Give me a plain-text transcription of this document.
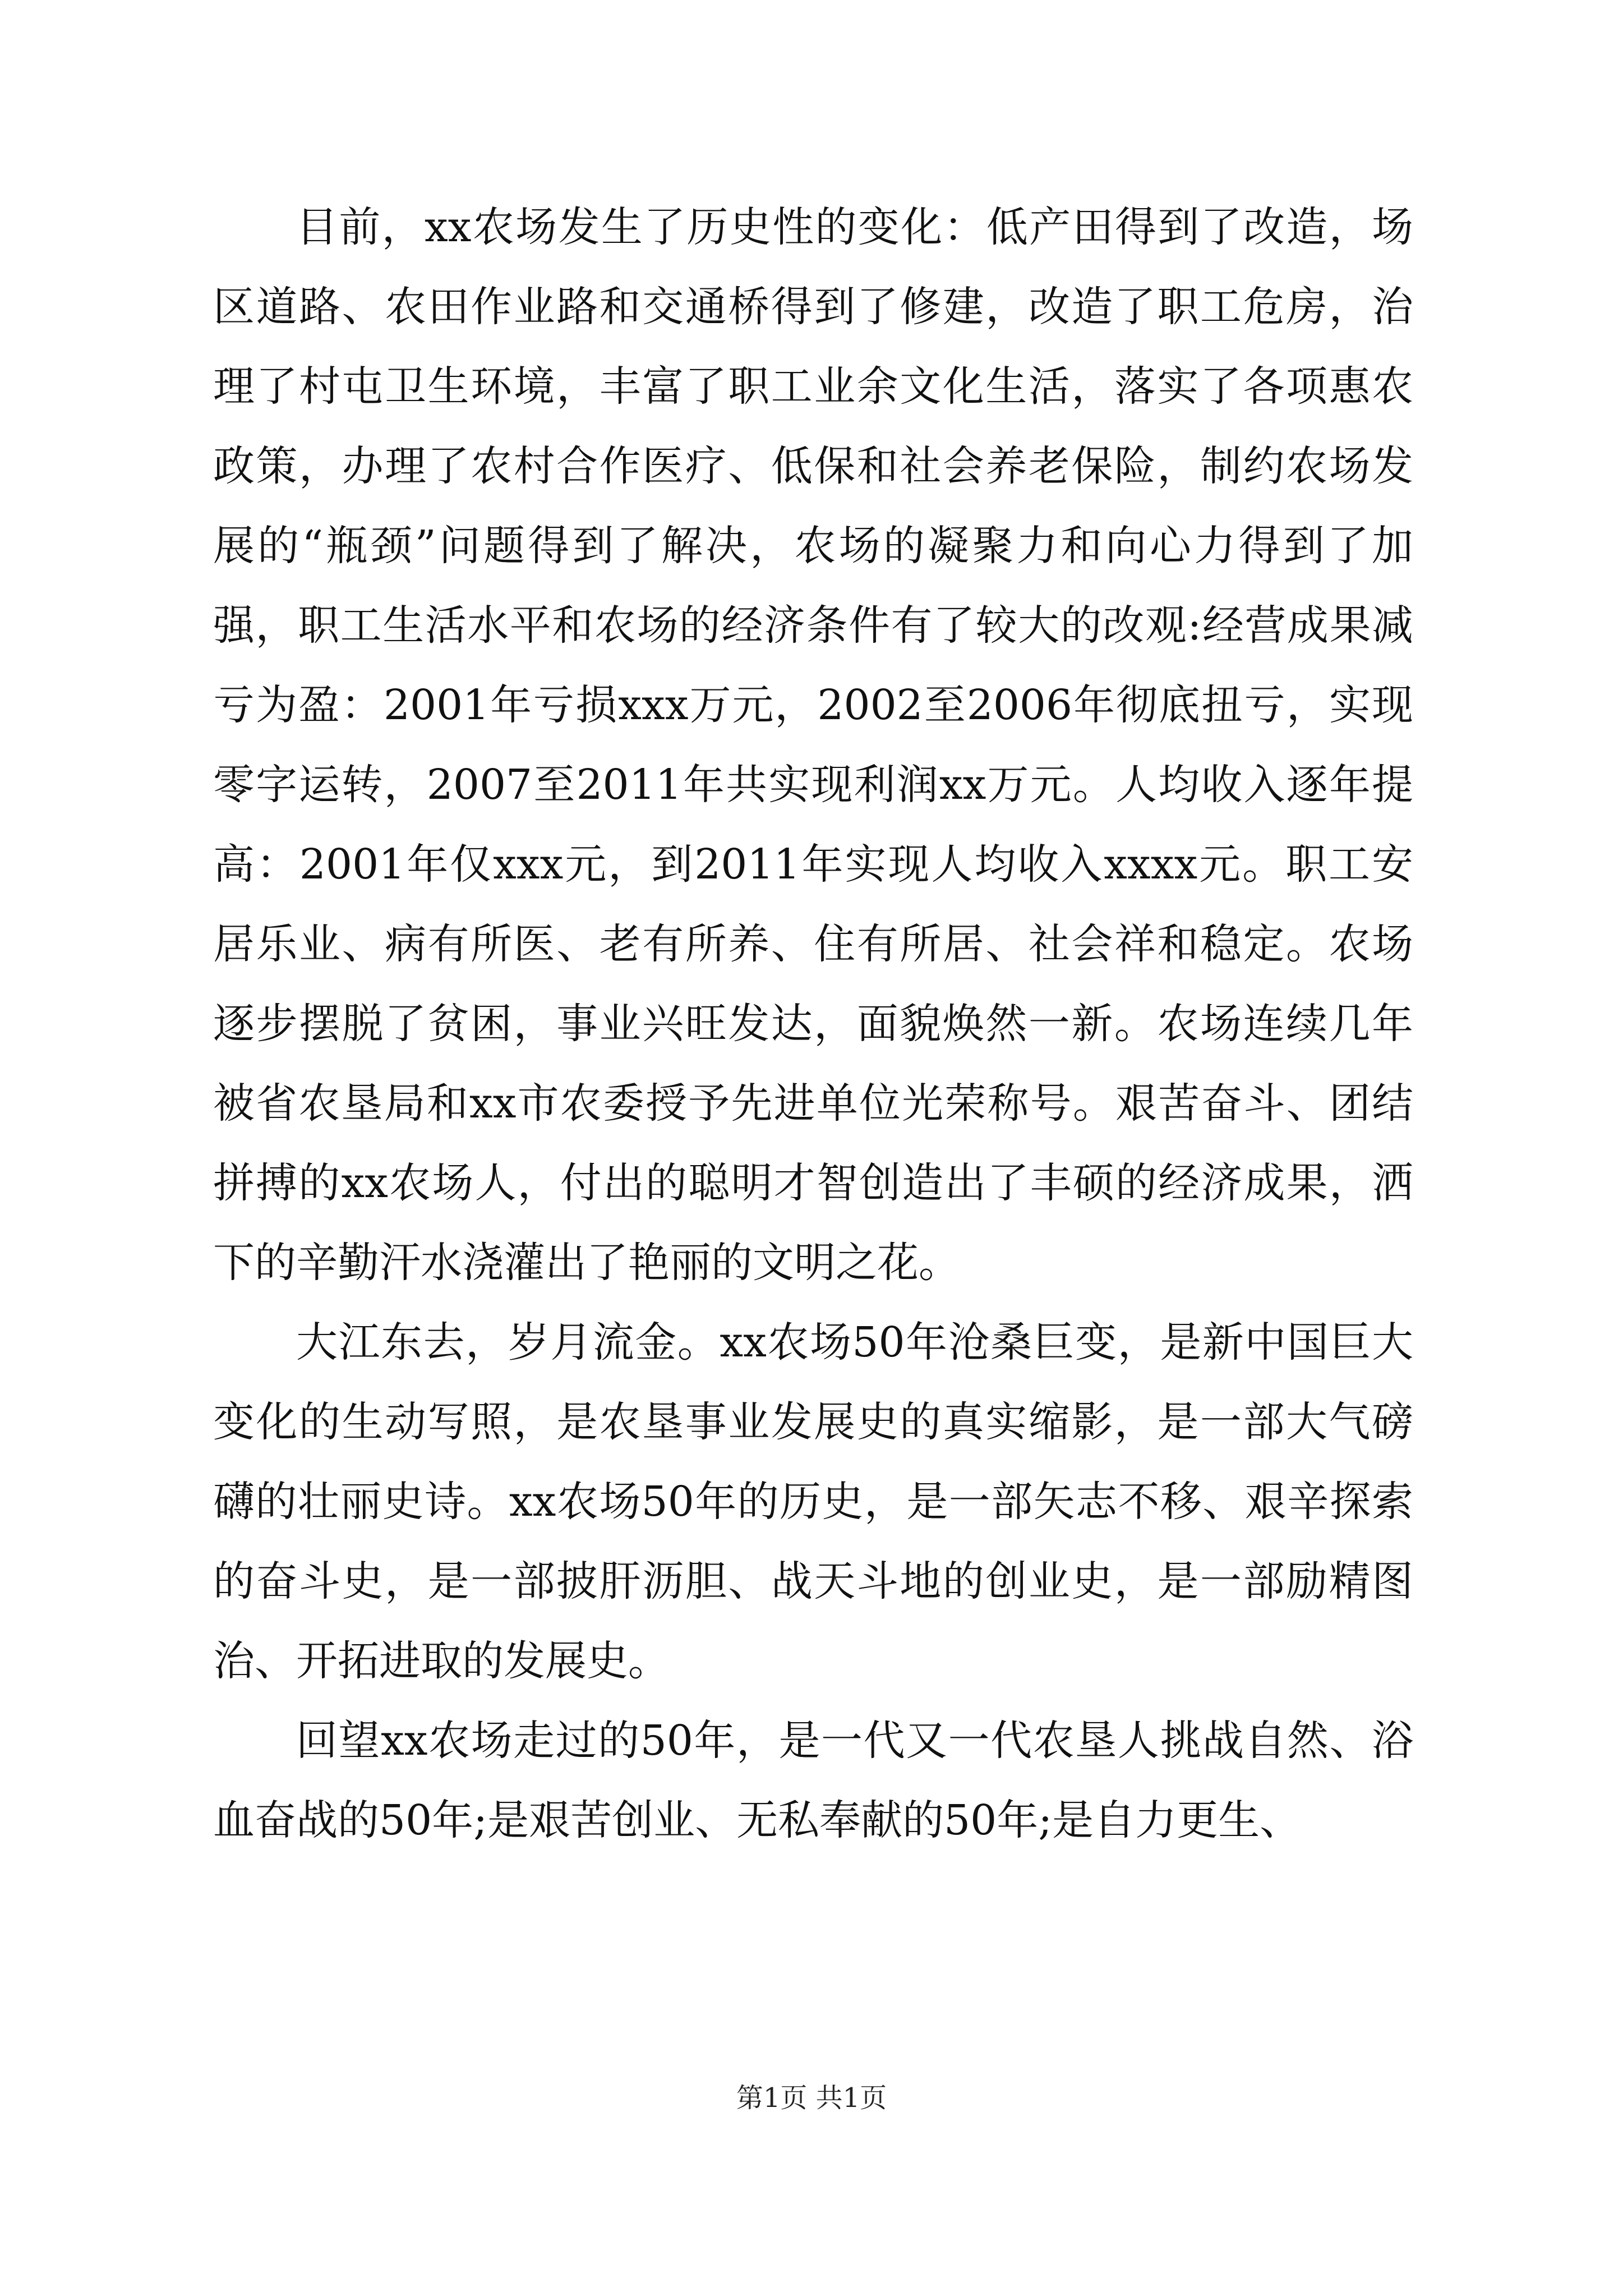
目前，xx农场发生了历史性的变化：低产田得到了改造，场区道路、农田作业路和交通桥得到了修建，改造了职工危房，治理了村屯卫生环境，丰富了职工业余文化生活，落实了各项惠农政策，办理了农村合作医疗、低保和社会养老保险，制约农场发展的“瓶颈”问题得到了解决，农场的凝聚力和向心力得到了加强，职工生活水平和农场的经济条件有了较大的改观:经营成果减亏为盈：2001年亏损xxx万元，2002至2006年彻底扭亏，实现零字运转，2007至2011年共实现利润xx万元。人均收入逐年提高：2001年仅xxx元，到2011年实现人均收入xxxx元。职工安居乐业、病有所医、老有所养、住有所居、社会祥和稳定。农场逐步摆脱了贫困，事业兴旺发达，面貌焕然一新。农场连续几年被省农垦局和xx市农委授予先进单位光荣称号。艰苦奋斗、团结拼搏的xx农场人，付出的聪明才智创造出了丰硕的经济成果，洒下的辛勤汗水浇灌出了艳丽的文明之花。

大江东去，岁月流金。xx农场50年沧桑巨变，是新中国巨大变化的生动写照，是农垦事业发展史的真实缩影，是一部大气磅礴的壮丽史诗。xx农场50年的历史，是一部矢志不移、艰辛探索的奋斗史，是一部披肝沥胆、战天斗地的创业史，是一部励精图治、开拓进取的发展史。

回望xx农场走过的50年，是一代又一代农垦人挑战自然、浴血奋战的50年;是艰苦创业、无私奉献的50年;是自力更生、

第1页 共1页
